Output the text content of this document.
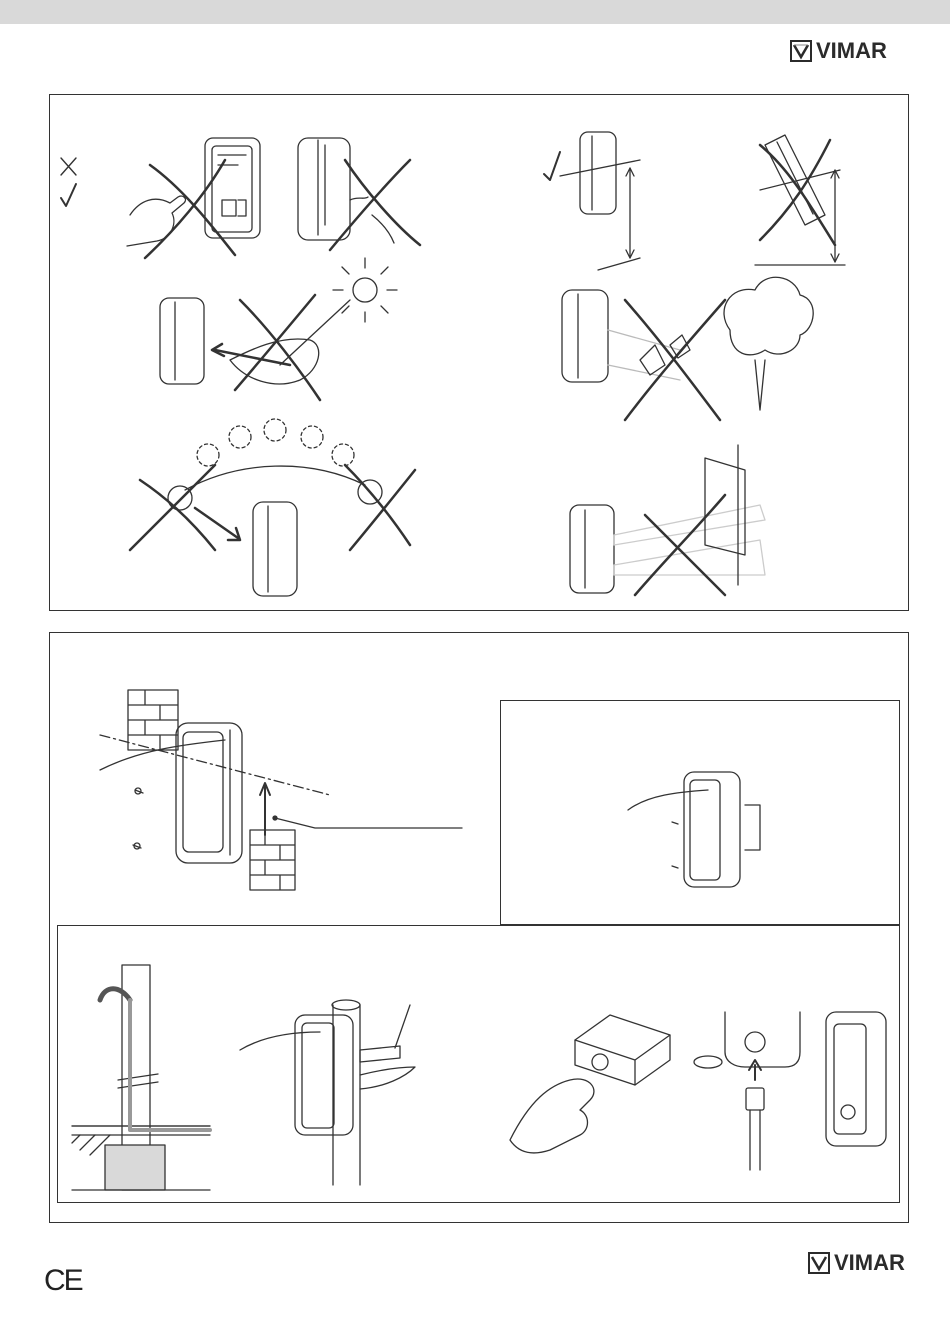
VIMAR
VIMAR
CE
